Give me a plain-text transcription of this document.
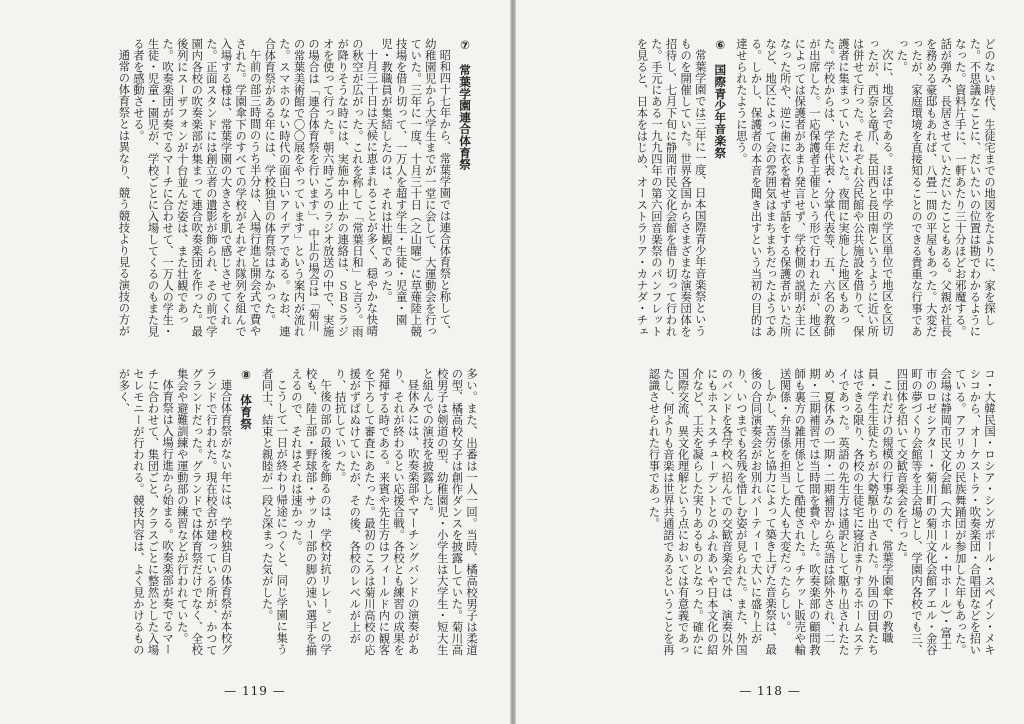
⑦　常葉学園連合体育祭
昭和四十七年から、常葉学園では連合体育祭と称して、幼稚園児から大学生までが一堂に会して、大運動会を行っていた。三年に一度、十月三十日（之山曜）に草薙陸上競技場を借り切って、一万人を超す学生・生徒・児童・園児・教職員が集結したのは、それは壮観であった。
十月三十日は天候に恵まれることが多く、穏やかな快晴の秋空が広がった。これを称して「常葉日和」と言う。雨が降りそうな時には、実施か中止かの連絡は、ＳＢＳラジオを使って行った。朝六時ごろのラジオ放送の中で、実施の場合は「連合体育祭を行います」、中止の場合は「菊川の常葉美術館で〇〇展をやっています」という案内が流れた。スマホのない時代の面白いアイデアである。なお、連合体育祭がある年には、学校独自の体育祭はなかった。
午前の部三時間のうち半分は、入場行進と開会式で費やされた。学園傘下のすべての学校がそれぞれ隊列を組んで入場する様は、常葉学園の大きさを肌で感じさせてくれた。正面スタンドには創立者の遺影が飾られ、その前で学園内各校の吹奏楽部が集まって連合吹奏楽団を作った。最後列にスーザフォンが十台並んだ姿は、また壮観であった。吹奏楽団が奏でるマーチに合わせて、一万人の学生・生徒・児童・園児が、学校ごとに入場してくるのもまた見る者を感動させる。
通常の体育祭とは異なり、競う競技より見る演技の方が
多い。また、出番は一人一回。当時、橘高校男子は柔道の型、橘高校女子は創作ダンスを披露していた。菊川高校男子は剣道の型、幼稚園児・小学生は大学生・短大生と組んでの演技を披露した。
昼休みには、吹奏楽部やマーチングバンドの演奏があり、それが終わるとい応援合戦。各校とも練習の成果を発揮する時である。来賓や先生方はフィールド内に観客を下ろして審査にあたった。最初のころは菊川高校の応援がずばぬけていたが、その後、各校のレベルが上がり、拮抗していった。
午後の部の最後を飾るのは、学校対抗リレー。どの学校も、陸上部・野球部・サッカー部の脚の速い選手を揃えるので、それはそれは速かった。
こうして一日が終わり帰途につくと、同じ学園に集う者同士、結束と親睦が一段と深まった気がした。
⑧　体育祭
連合体育祭がない年には、学校独自の体育祭が本校グランドで行われた。現在校舎が建っている所が、かつてグランドだった。グランドでは体育祭だけでなく、全校集会や避難訓練や運動部の練習などが行われていた。
体育祭は入場行進から始まる。吹奏楽部が奏でるマーチに合わせて、集団ごと、クラスごとに整然とした入場セレモニーが行われる。競技内容は、よく見かけるものが多く、
— 119 —
どのない時代、生徒宅までの地図をたよりに、家を探した。不思議なことに、だいたいの位置は勘でわかるようになった。資料片手に、一軒あたり三十分ほどお邪魔する。話が弾み、長居させていただいたこともある。父親が社長を務める豪邸もあれば、八畳一間の平屋もあった。大変だったが、家庭環境を直接知ることのできる貴重な行事であった。
次に、地区会である。ほぼ中学の学区単位で地区を区切ったが、西奈と竜爪、長田西と長田南というように近い所は併せて行った。それぞれ公民館や公共施設を借りて、保護者に集まっていただいた。夜間に実施した地区もあった。学校からは、学年代表・分掌代表等、五、六名の教師が出席した。一応保護者主催という形で行われたが、地区によっては保護者があまり発言せず、学校側の説明が主になった所や、逆に歯に衣を着せず話をする保護者がいた所など、地区によって会の雰囲気はまちまちだったようである。しかし、保護者の本音を聞き出すという当初の目的は達せられたように思う。
⑥　国際青少年音楽祭
常葉学園では三年に一度、日本国際青少年音楽祭というものを開催していた。世界各国からさまざまな演奏団体を招待し、七月下旬に静岡市民文化会館を借り切って行われた。手元にある一九九四年の第六回音楽祭のパンフレットを見ると、日本をはじめ、オーストラリア・カナダ・チェ
コ・大韓民国・ロシア・シンガポール・スペイン・メキシコから、オーケストラ・吹奏楽団・合唱団などを招いている。アフリカの民族舞踊団が参加した年もあった。会場は静岡市民文化会館（大ホール・中ホール）・富士市のロゼシアター・菊川町の菊川文化会館アエル・金谷町の夢づくり会館等を主会場とし、学園内各校でも三、四団体を招いて交歓音楽会を行った。
これだけの規模の行事なので、常葉学園傘下の教職員・学生生徒たちが大勢駆り出された。外国の団員たちはできる限り、各校の生徒宅に寝泊まりするホームステイであった。英語の先生方は通訳として駆り出されたため、夏休みの一期・二期補習から英語は除外され、二期・三期補習では当時間を費やした。吹奏楽部の顧問教師も裏方の雑用係として酷使された。チケット販売や輸送関係・弁当係を担当した人も大変だったらしい。
しかし、苦労と協力によって築き上げた音楽祭は、最後の合同演奏会がお別れパーティーで大いに盛り上がり、いつまでも名残を惜しむ姿が見られた。また、外国のバンドを各学校へ招んでの交歓音楽会では、演奏以外にもホストスチューデントとのふれあいや日本文化の紹介など、工夫を凝らした実りあるものとなった。確かに国際交流、異文化理解という点においては有意義であったし、何よりも音楽は世界共通語であるということを再認識させられた行事であった。
— 118 —
